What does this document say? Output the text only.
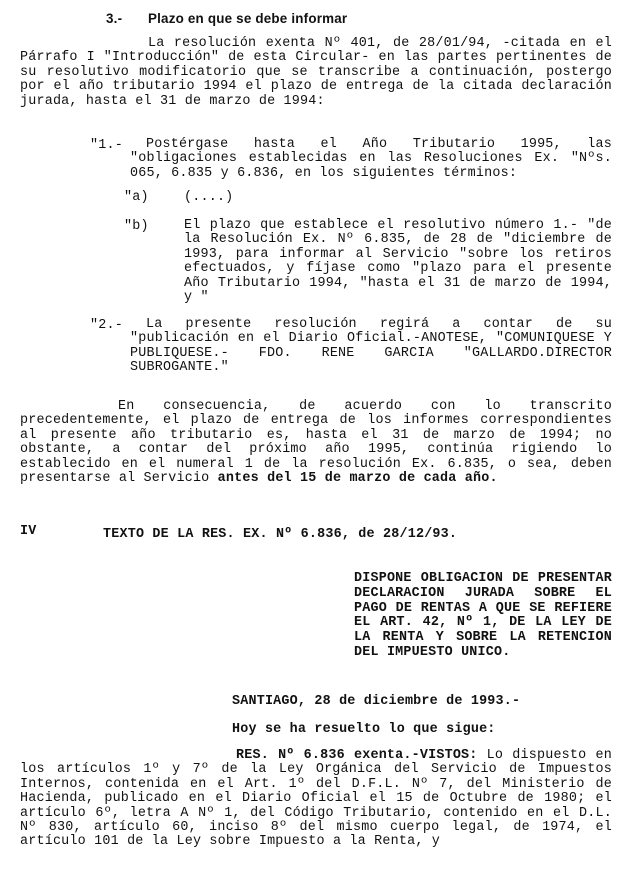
3.- Plazo en que se debe informar

La resolución exenta Nº 401, de 28/01/94, -citada en el Párrafo I "Introducción" de esta Circular- en las partes pertinentes de su resolutivo modificatorio que se transcribe a continuación, postergo por el año tributario 1994 el plazo de entrega de la citada declaración jurada, hasta el 31 de marzo de 1994:

"1.-	Postérgase hasta el Año Tributario 1995, las "obligaciones establecidas en las Resoluciones Ex. "Nºs. 065, 6.835 y 6.836, en los siguientes términos:

"a)	(....)
"b)	El plazo que establece el resolutivo número 1.- "de la Resolución Ex. Nº 6.835, de 28 de "diciembre de 1993, para informar al Servicio "sobre los retiros efectuados, y fíjase como "plazo para el presente Año Tributario 1994, "hasta el 31 de marzo de 1994, y "

"2.-	La presente resolución regirá a contar de su "publicación en el Diario Oficial.-ANOTESE, "COMUNIQUESE Y PUBLIQUESE.- FDO. RENE GARCIA "GALLARDO.DIRECTOR SUBROGANTE."

En consecuencia, de acuerdo con lo transcrito precedentemente, el plazo de entrega de los informes correspondientes al presente año tributario es, hasta el 31 de marzo de 1994; no obstante, a contar del próximo año 1995, continúa rigiendo lo establecido en el numeral 1 de la resolución Ex. 6.835, o sea, deben presentarse al Servicio antes del 15 de marzo de cada año.

IV	TEXTO DE LA RES. EX. Nº 6.836, de 28/12/93.

DISPONE OBLIGACION DE PRESENTAR DECLARACION JURADA SOBRE EL PAGO DE RENTAS A QUE SE REFIERE EL ART. 42, Nº 1, DE LA LEY DE LA RENTA Y SOBRE LA RETENCION DEL IMPUESTO UNICO.

SANTIAGO, 28 de diciembre de 1993.-
Hoy se ha resuelto lo que sigue:

RES. Nº 6.836 exenta.-VISTOS: Lo dispuesto en los artículos 1º y 7º de la Ley Orgánica del Servicio de Impuestos Internos, contenida en el Art. 1º del D.F.L. Nº 7, del Ministerio de Hacienda, publicado en el Diario Oficial el 15 de Octubre de 1980; el artículo 6º, letra A Nº 1, del Código Tributario, contenido en el D.L. Nº 830, artículo 60, inciso 8º del mismo cuerpo legal, de 1974, el artículo 101 de la Ley sobre Impuesto a la Renta, y
